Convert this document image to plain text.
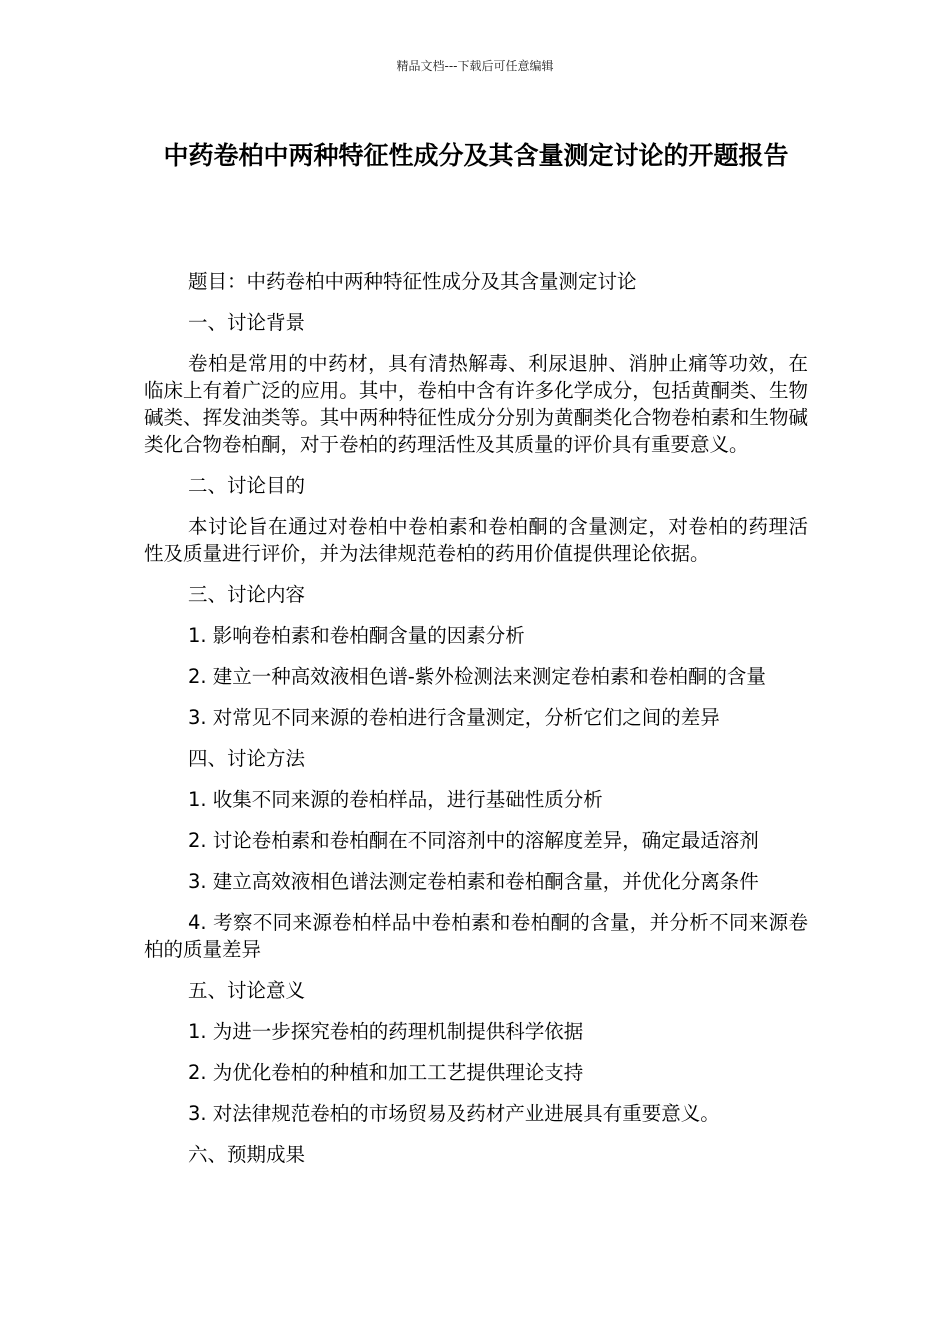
精品文档---下载后可任意编辑
中药卷柏中两种特征性成分及其含量测定讨论的开题报告

题目：中药卷柏中两种特征性成分及其含量测定讨论

一、讨论背景

卷柏是常用的中药材，具有清热解毒、利尿退肿、消肿止痛等功效，在临床上有着广泛的应用。其中，卷柏中含有许多化学成分，包括黄酮类、生物碱类、挥发油类等。其中两种特征性成分分别为黄酮类化合物卷柏素和生物碱类化合物卷柏酮，对于卷柏的药理活性及其质量的评价具有重要意义。

二、讨论目的

本讨论旨在通过对卷柏中卷柏素和卷柏酮的含量测定，对卷柏的药理活性及质量进行评价，并为法律规范卷柏的药用价值提供理论依据。

三、讨论内容

1. 影响卷柏素和卷柏酮含量的因素分析

2. 建立一种高效液相色谱-紫外检测法来测定卷柏素和卷柏酮的含量

3. 对常见不同来源的卷柏进行含量测定，分析它们之间的差异

四、讨论方法

1. 收集不同来源的卷柏样品，进行基础性质分析

2. 讨论卷柏素和卷柏酮在不同溶剂中的溶解度差异，确定最适溶剂

3. 建立高效液相色谱法测定卷柏素和卷柏酮含量，并优化分离条件

4. 考察不同来源卷柏样品中卷柏素和卷柏酮的含量，并分析不同来源卷柏的质量差异

五、讨论意义

1. 为进一步探究卷柏的药理机制提供科学依据

2. 为优化卷柏的种植和加工工艺提供理论支持

3. 对法律规范卷柏的市场贸易及药材产业进展具有重要意义。

六、预期成果
